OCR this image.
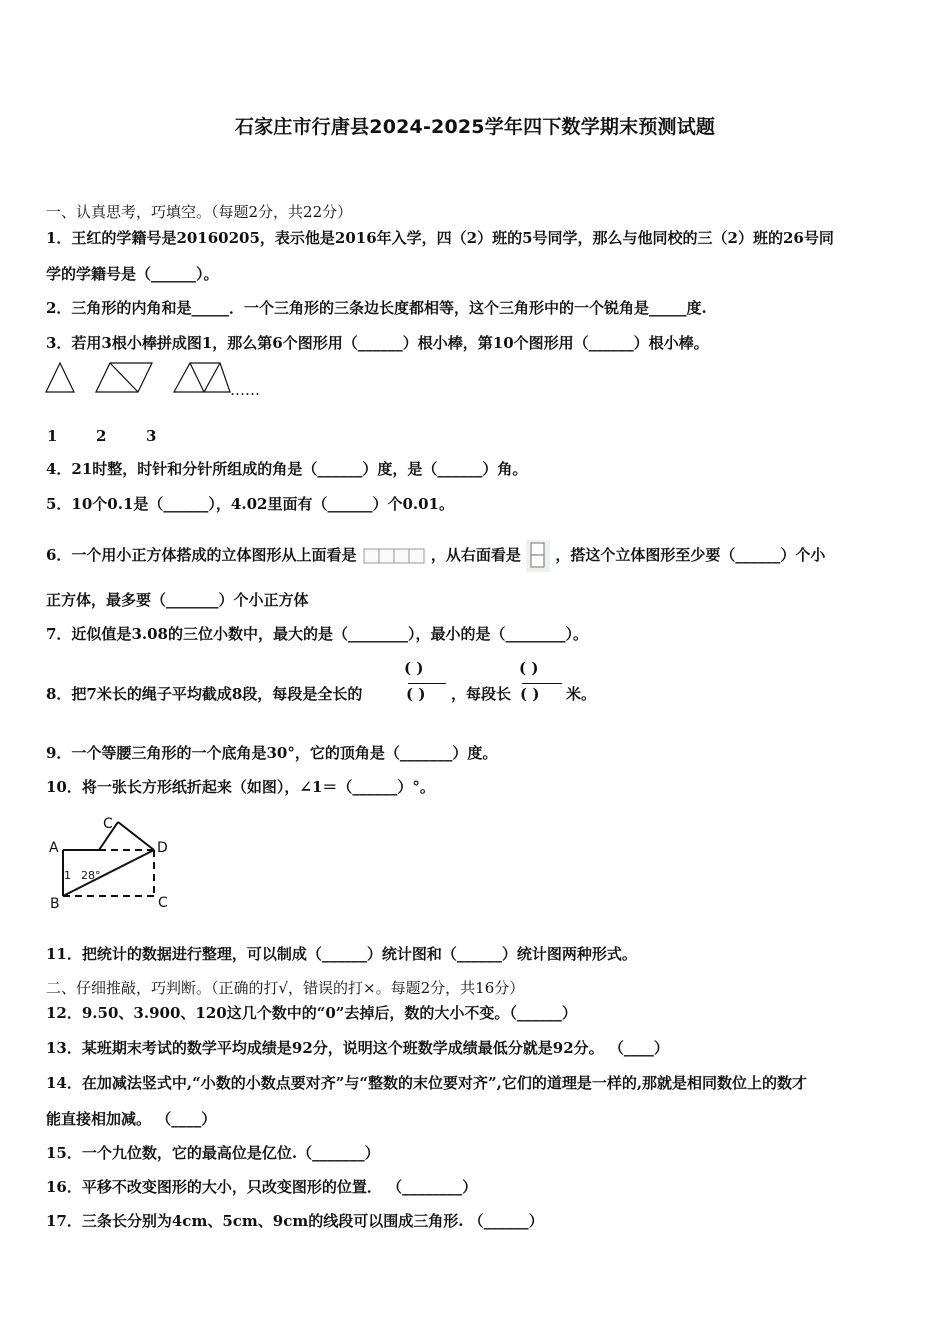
石家庄市行唐县2024-2025学年四下数学期末预测试题
一、认真思考，巧填空。（每题2分，共22分）
1．王红的学籍号是20160205，表示他是2016年入学，四（2）班的5号同学，那么与他同校的三（2）班的26号同
学的学籍号是（______）。
2．三角形的内角和是_____．一个三角形的三条边长度都相等，这个三角形中的一个锐角是_____度.
3．若用3根小棒拼成图1，那么第6个图形用（______）根小棒，第10个图形用（______）根小棒。
……
1	2	3
4．21时整，时针和分针所组成的角是（______）度，是（______）角。
5．10个0.1是（______），4.02里面有（______）个0.01。
6．一个用小正方体搭成的立体图形从上面看是	，从右面看是 ，搭这个立体图形至少要（______）个小
正方体，最多要（_______）个小正方体
7．近似值是3.08的三位小数中，最大的是（________），最小的是（________）。
( )	( )
8．把7米长的绳子平均截成8段，每段是全长的	( ) ，每段长 ( ) 米。
9．一个等腰三角形的一个底角是30°，它的顶角是（_______）度。
10．将一张长方形纸折起来（如图），∠1＝（______）°。
A
B
C
D
C
1 28°
11．把统计的数据进行整理，可以制成（______）统计图和（______）统计图两种形式。
二、仔细推敲，巧判断。（正确的打√，错误的打×。每题2分，共16分）
12．9.50、3.900、120这几个数中的“0”去掉后，数的大小不变。（______）
13．某班期末考试的数学平均成绩是92分，说明这个班数学成绩最低分就是92分。 （____）
14．在加减法竖式中,“小数的小数点要对齐”与“整数的末位要对齐”,它们的道理是一样的,那就是相同数位上的数才
能直接相加减。 （____）
15．一个九位数，它的最高位是亿位.（_______）
16．平移不改变图形的大小，只改变图形的位置． （________）
17．三条长分别为4cm、5cm、9cm的线段可以围成三角形. （______）
